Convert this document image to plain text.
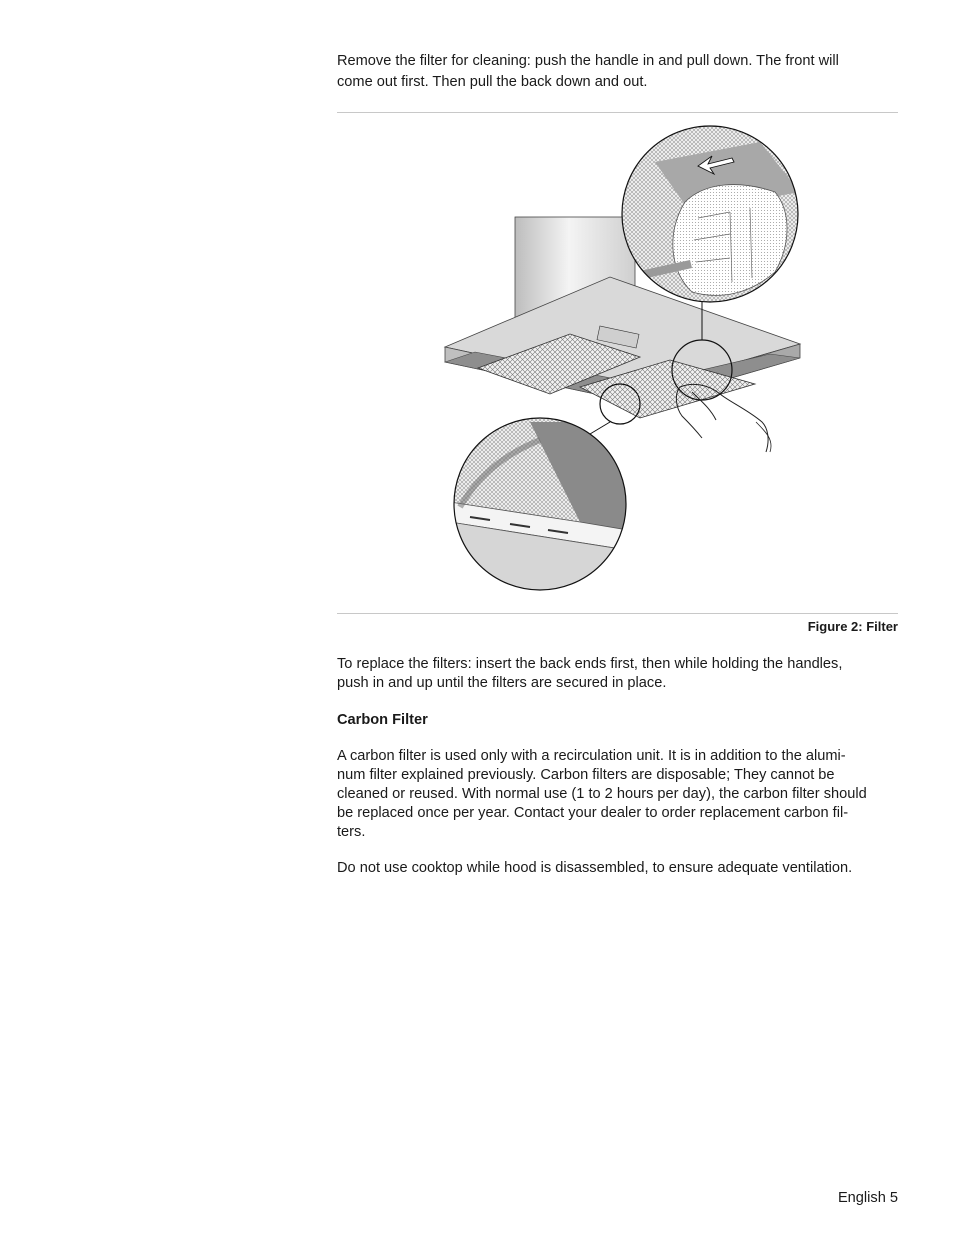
Remove the filter for cleaning: push the handle in and pull down. The front will
come out first. Then pull the back down and out.
Figure 2: Filter
To replace the filters: insert the back ends first, then while holding the handles,
push in and up until the filters are secured in place.
Carbon Filter
A carbon filter is used only with a recirculation unit. It is in addition to the alumi-
num filter explained previously. Carbon filters are disposable; They cannot be
cleaned or reused. With normal use (1 to 2 hours per day), the carbon filter should
be replaced once per year. Contact your dealer to order replacement carbon fil-
ters.
Do not use cooktop while hood is disassembled, to ensure adequate ventilation.
English 5
